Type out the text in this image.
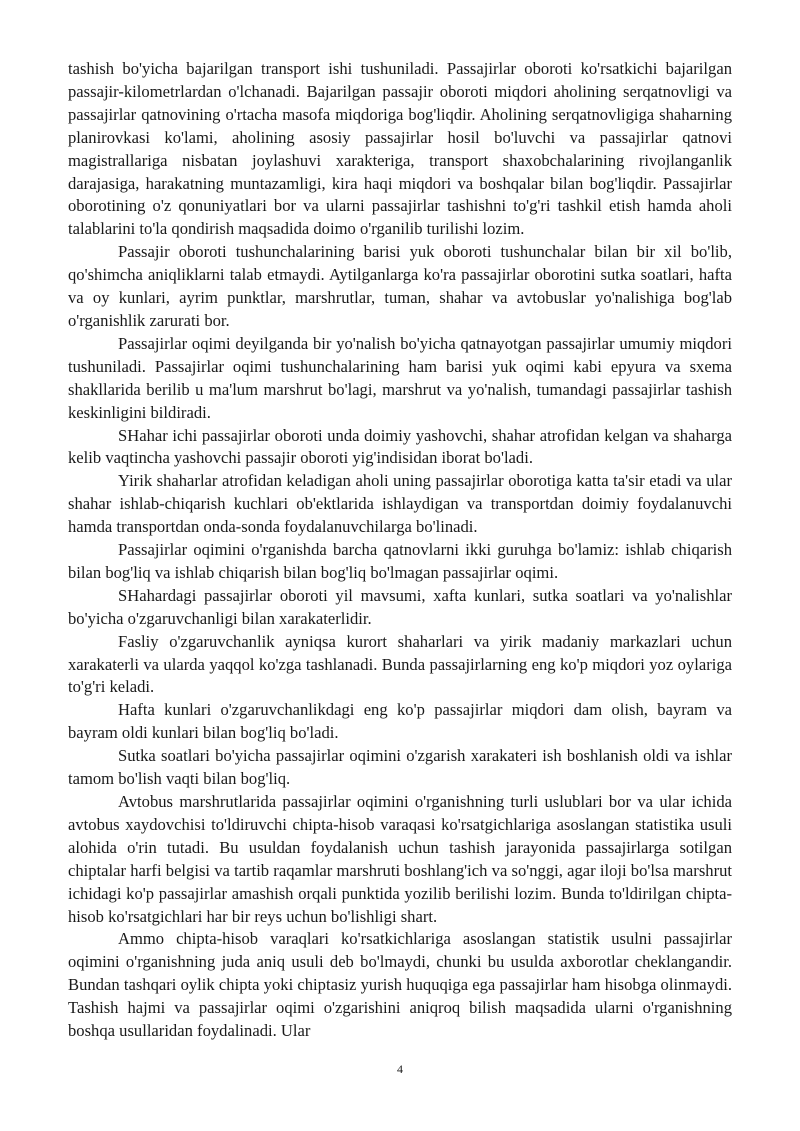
tashish bo'yicha bajarilgan transport ishi tushuniladi. Passajirlar oboroti ko'rsatkichi bajarilgan passajir-kilometrlardan o'lchanadi. Bajarilgan passajir oboroti miqdori aholining serqatnovligi va passajirlar qatnovining o'rtacha masofa miqdoriga bog'liqdir. Aholining serqatnovligiga shaharning planirovkasi ko'lami, aholining asosiy passajirlar hosil bo'luvchi va passajirlar qatnovi magistrallariga nisbatan joylashuvi xarakteriga, transport shaxobchalarining rivojlanganlik darajasiga, harakatning muntazamligi, kira haqi miqdori va boshqalar bilan bog'liqdir. Passajirlar oborotining o'z qonuniyatlari bor va ularni passajirlar tashishni to'g'ri tashkil etish hamda aholi talablarini to'la qondirish maqsadida doimo o'rganilib turilishi lozim.

Passajir oboroti tushunchalarining barisi yuk oboroti tushunchalar bilan bir xil bo'lib, qo'shimcha aniqliklarni talab etmaydi. Aytilganlarga ko'ra passajirlar oborotini sutka soatlari, hafta va oy kunlari, ayrim punktlar, marshrutlar, tuman, shahar va avtobuslar yo'nalishiga bog'lab o'rganishlik zarurati bor.

Passajirlar oqimi deyilganda bir yo'nalish bo'yicha qatnayotgan passajirlar umumiy miqdori tushuniladi. Passajirlar oqimi tushunchalarining ham barisi yuk oqimi kabi epyura va sxema shakllarida berilib u ma'lum marshrut bo'lagi, marshrut va yo'nalish, tumandagi passajirlar tashish keskinligini bildiradi.

SHahar ichi passajirlar oboroti unda doimiy yashovchi, shahar atrofidan kelgan va shaharga kelib vaqtincha yashovchi passajir oboroti yig'indisidan iborat bo'ladi.

Yirik shaharlar atrofidan keladigan aholi uning passajirlar oborotiga katta ta'sir etadi va ular shahar ishlab-chiqarish kuchlari ob'ektlarida ishlaydigan va transportdan doimiy foydalanuvchi hamda transportdan onda-sonda foydalanuvchilarga bo'linadi.

Passajirlar oqimini o'rganishda barcha qatnovlarni ikki guruhga bo'lamiz: ishlab chiqarish bilan bog'liq va ishlab chiqarish bilan bog'liq bo'lmagan passajirlar oqimi.

SHahardagi passajirlar oboroti yil mavsumi, xafta kunlari, sutka soatlari va yo'nalishlar bo'yicha o'zgaruvchanligi bilan xarakaterlidir.

Fasliy o'zgaruvchanlik ayniqsa kurort shaharlari va yirik madaniy markazlari uchun xarakaterli va ularda yaqqol ko'zga tashlanadi. Bunda passajirlarning eng ko'p miqdori yoz oylariga to'g'ri keladi.

Hafta kunlari o'zgaruvchanlikdagi eng ko'p passajirlar miqdori dam olish, bayram va bayram oldi kunlari bilan bog'liq bo'ladi.

Sutka soatlari bo'yicha passajirlar oqimini o'zgarish xarakateri ish boshlanish oldi va ishlar tamom bo'lish vaqti bilan bog'liq.

Avtobus marshrutlarida passajirlar oqimini o'rganishning turli uslublari bor va ular ichida avtobus xaydovchisi to'ldiruvchi chipta-hisob varaqasi ko'rsatgichlariga asoslangan statistika usuli alohida o'rin tutadi. Bu usuldan foydalanish uchun tashish jarayonida passajirlarga sotilgan chiptalar harfi belgisi va tartib raqamlar marshruti boshlang'ich va so'nggi, agar iloji bo'lsa marshrut ichidagi ko'p passajirlar amashish orqali punktida yozilib berilishi lozim. Bunda to'ldirilgan chipta-hisob ko'rsatgichlari har bir reys uchun bo'lishligi shart.

Ammo chipta-hisob varaqlari ko'rsatkichlariga asoslangan statistik usulni passajirlar oqimini o'rganishning juda aniq usuli deb bo'lmaydi, chunki bu usulda axborotlar cheklangandir. Bundan tashqari oylik chipta yoki chiptasiz yurish huquqiga ega passajirlar ham hisobga olinmaydi. Tashish hajmi va passajirlar oqimi o'zgarishini aniqroq bilish maqsadida ularni o'rganishning boshqa usullaridan foydalinadi. Ular

4
